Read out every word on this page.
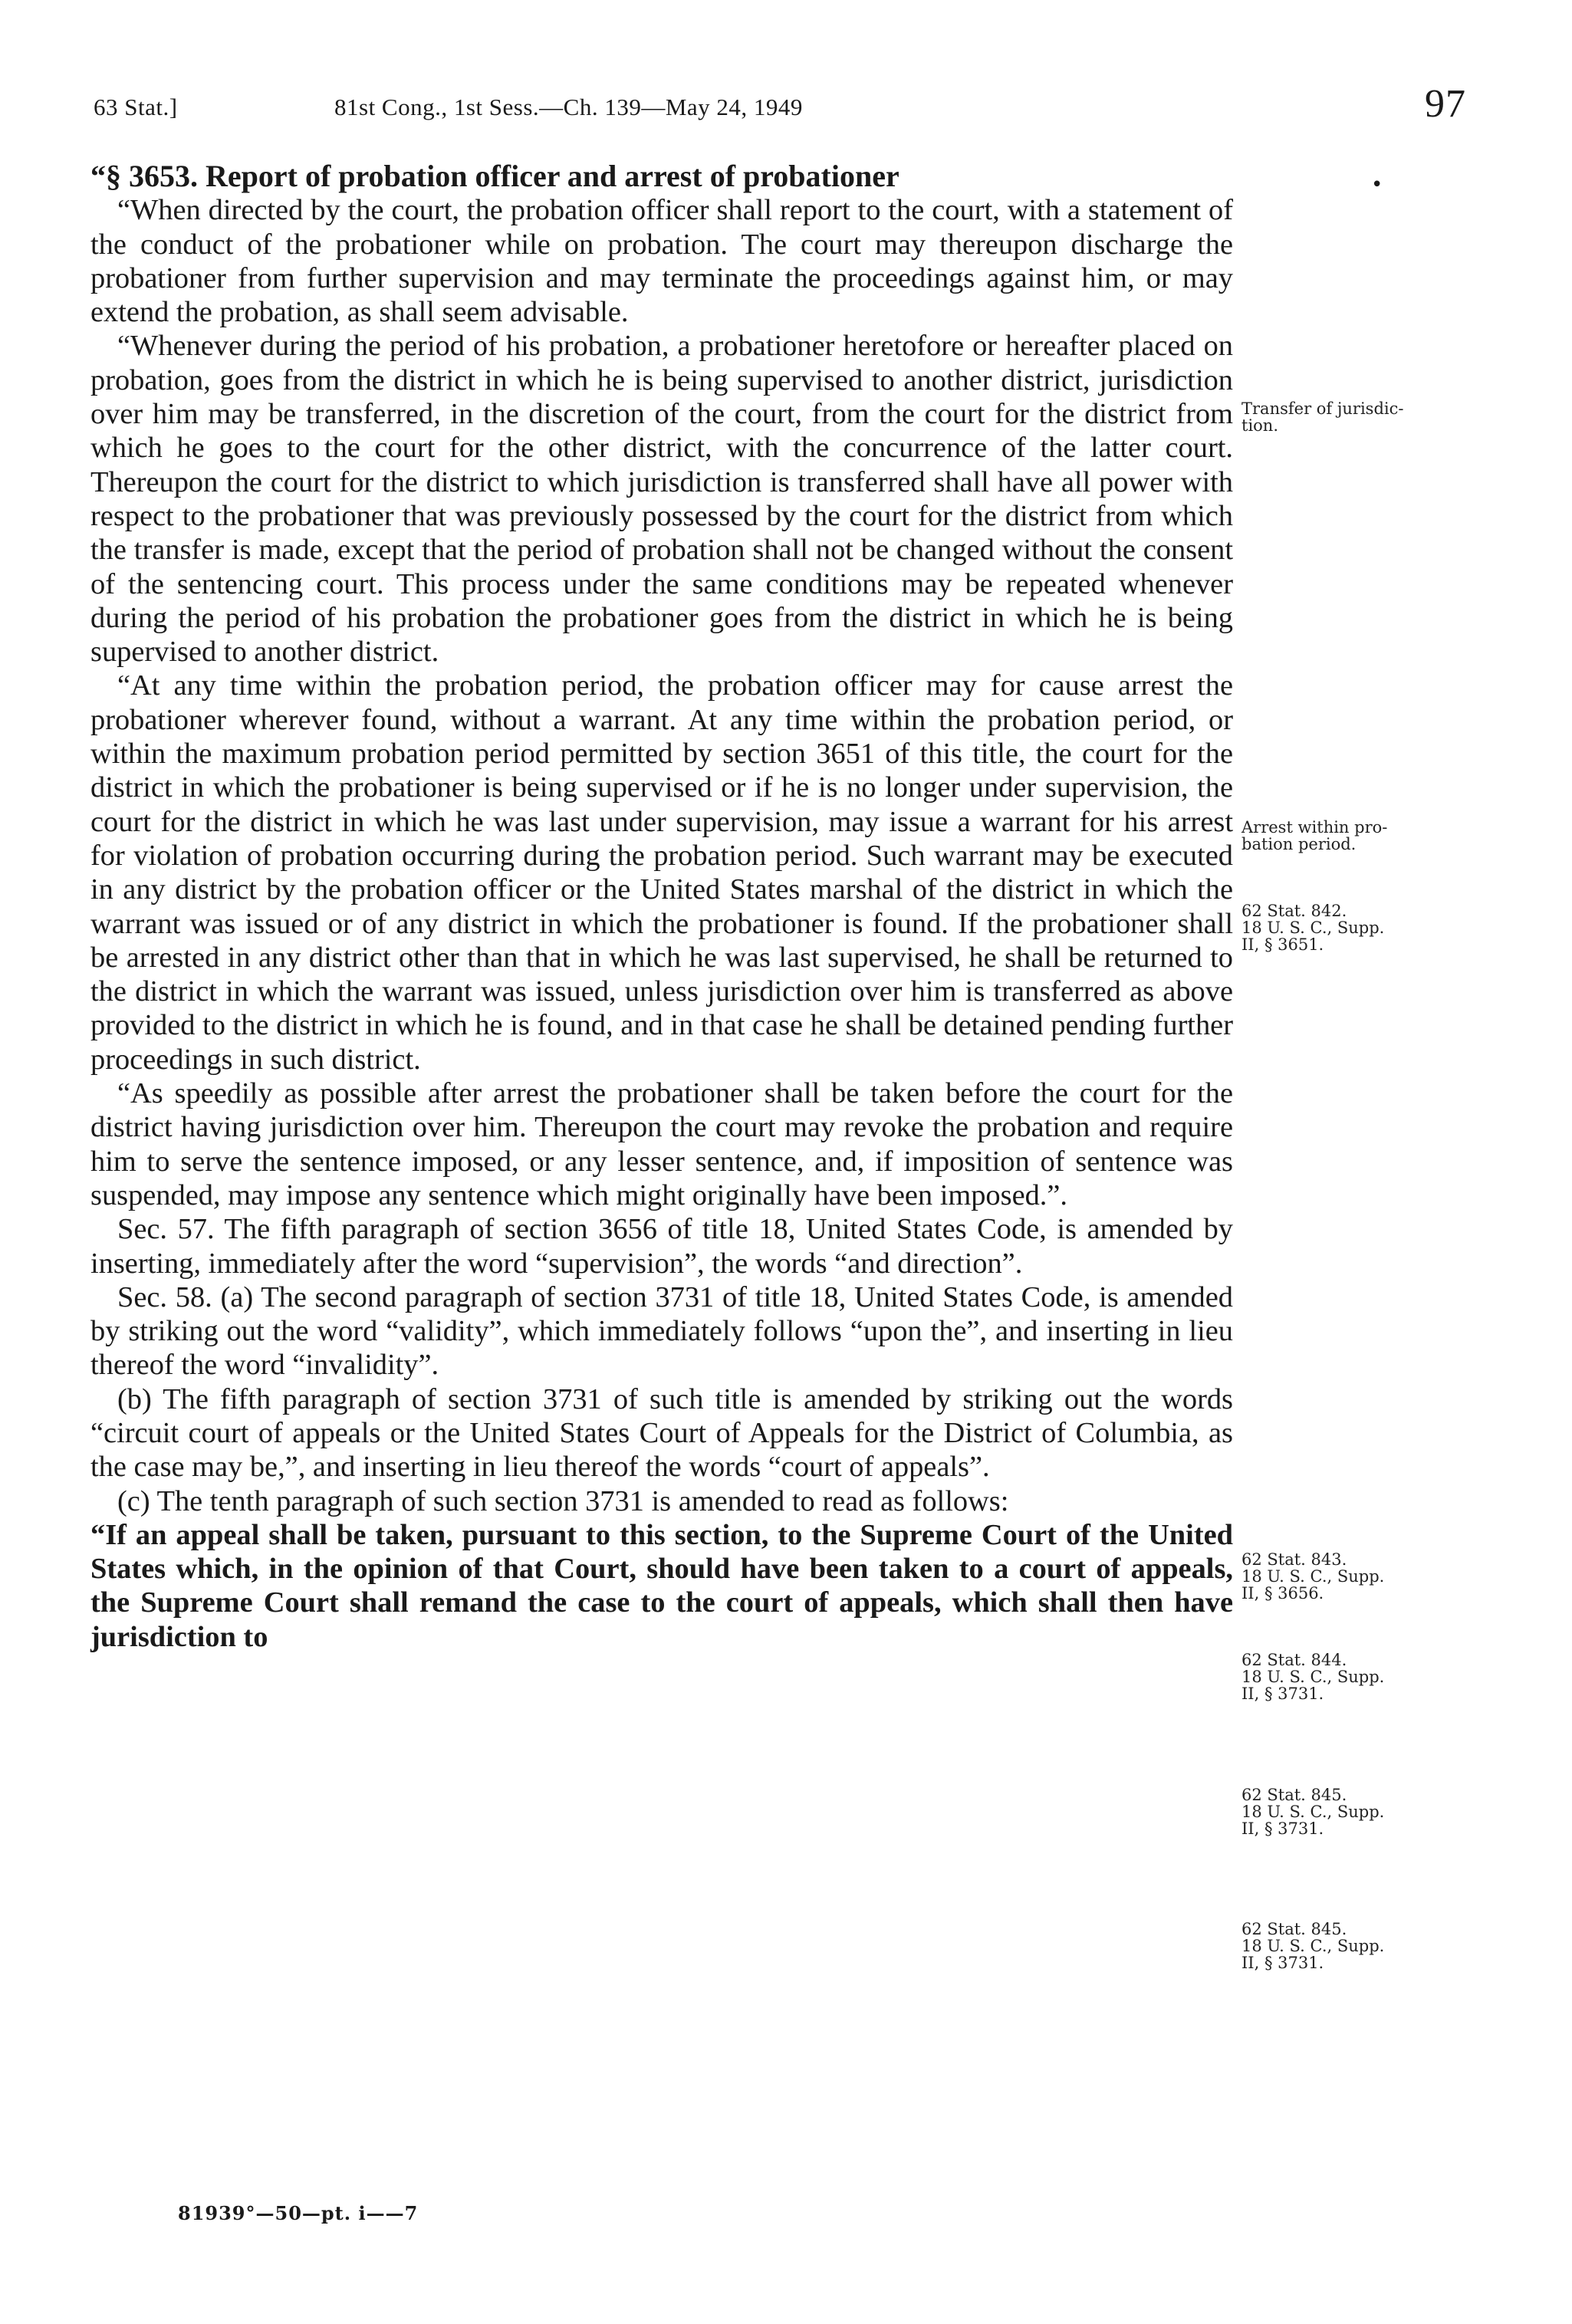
63 Stat.]	81st Cong., 1st Sess.—Ch. 139—May 24, 1949	97

“§ 3653. Report of probation officer and arrest of probationer

“When directed by the court, the probation officer shall report to the court, with a statement of the conduct of the probationer while on probation. The court may thereupon discharge the probationer from further supervision and may terminate the proceedings against him, or may extend the probation, as shall seem advisable.

“Whenever during the period of his probation, a probationer heretofore or hereafter placed on probation, goes from the district in which he is being supervised to another district, jurisdiction over him may be transferred, in the discretion of the court, from the court for the district from which he goes to the court for the other district, with the concurrence of the latter court. Thereupon the court for the district to which jurisdiction is transferred shall have all power with respect to the probationer that was previously possessed by the court for the district from which the transfer is made, except that the period of probation shall not be changed without the consent of the sentencing court. This process under the same conditions may be repeated whenever during the period of his probation the probationer goes from the district in which he is being supervised to another district.

“At any time within the probation period, the probation officer may for cause arrest the probationer wherever found, without a warrant. At any time within the probation period, or within the maximum probation period permitted by section 3651 of this title, the court for the district in which the probationer is being supervised or if he is no longer under supervision, the court for the district in which he was last under supervision, may issue a warrant for his arrest for violation of probation occurring during the probation period. Such warrant may be executed in any district by the probation officer or the United States marshal of the district in which the warrant was issued or of any district in which the probationer is found. If the probationer shall be arrested in any district other than that in which he was last supervised, he shall be returned to the district in which the warrant was issued, unless jurisdiction over him is transferred as above provided to the district in which he is found, and in that case he shall be detained pending further proceedings in such district.

“As speedily as possible after arrest the probationer shall be taken before the court for the district having jurisdiction over him. Thereupon the court may revoke the probation and require him to serve the sentence imposed, or any lesser sentence, and, if imposition of sentence was suspended, may impose any sentence which might originally have been imposed.”.

Sec. 57. The fifth paragraph of section 3656 of title 18, United States Code, is amended by inserting, immediately after the word “supervision”, the words “and direction”.

Sec. 58. (a) The second paragraph of section 3731 of title 18, United States Code, is amended by striking out the word “validity”, which immediately follows “upon the”, and inserting in lieu thereof the word “invalidity”.

(b) The fifth paragraph of section 3731 of such title is amended by striking out the words “circuit court of appeals or the United States Court of Appeals for the District of Columbia, as the case may be,”, and inserting in lieu thereof the words “court of appeals”.

(c) The tenth paragraph of such section 3731 is amended to read as follows:

“If an appeal shall be taken, pursuant to this section, to the Supreme Court of the United States which, in the opinion of that Court, should have been taken to a court of appeals, the Supreme Court shall remand the case to the court of appeals, which shall then have jurisdiction to

•
Transfer of jurisdic-
tion.
Arrest within pro-
bation period.
62 Stat. 842.
18 U. S. C., Supp.
II, § 3651.
62 Stat. 843.
18 U. S. C., Supp.
II, § 3656.
62 Stat. 844.
18 U. S. C., Supp.
II, § 3731.
62 Stat. 845.
18 U. S. C., Supp.
II, § 3731.
62 Stat. 845.
18 U. S. C., Supp.
II, § 3731.
81939°—50—pt. i——7
